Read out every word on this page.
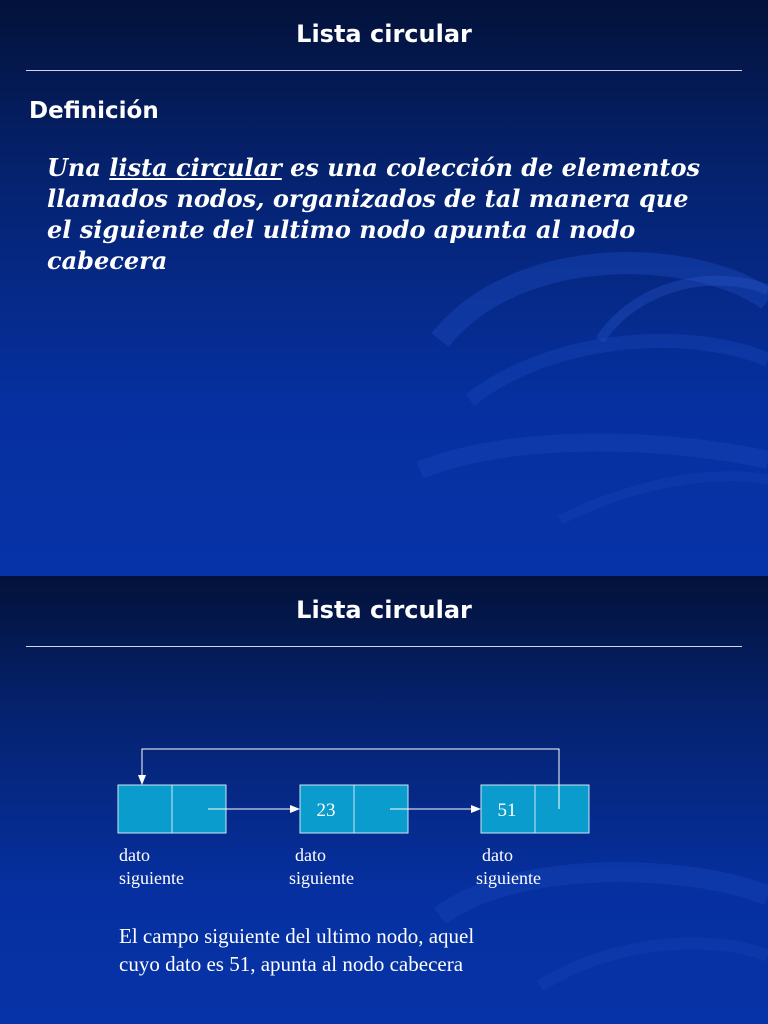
Lista circular
Definición
Una lista circular es una colección de elementos llamados nodos, organizados de tal manera que el siguiente del ultimo nodo apunta al nodo cabecera
Lista circular
23	51
dato
siguiente
dato
siguiente
dato
siguiente
El campo siguiente del ultimo nodo, aquel
cuyo dato es 51, apunta al nodo cabecera
